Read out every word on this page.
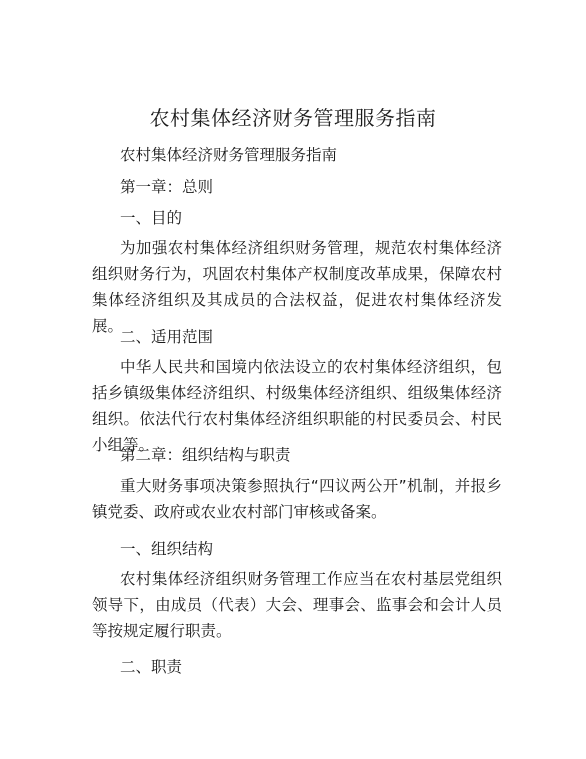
农村集体经济财务管理服务指南
农村集体经济财务管理服务指南
第一章：总则
一、目的
为加强农村集体经济组织财务管理，规范农村集体经济组织财务行为，巩固农村集体产权制度改革成果，保障农村集体经济组织及其成员的合法权益，促进农村集体经济发展。
二、适用范围
中华人民共和国境内依法设立的农村集体经济组织，包括乡镇级集体经济组织、村级集体经济组织、组级集体经济组织。依法代行农村集体经济组织职能的村民委员会、村民小组等。
第二章：组织结构与职责
重大财务事项决策参照执行“四议两公开”机制，并报乡镇党委、政府或农业农村部门审核或备案。
一、组织结构
农村集体经济组织财务管理工作应当在农村基层党组织领导下，由成员（代表）大会、理事会、监事会和会计人员等按规定履行职责。
二、职责
